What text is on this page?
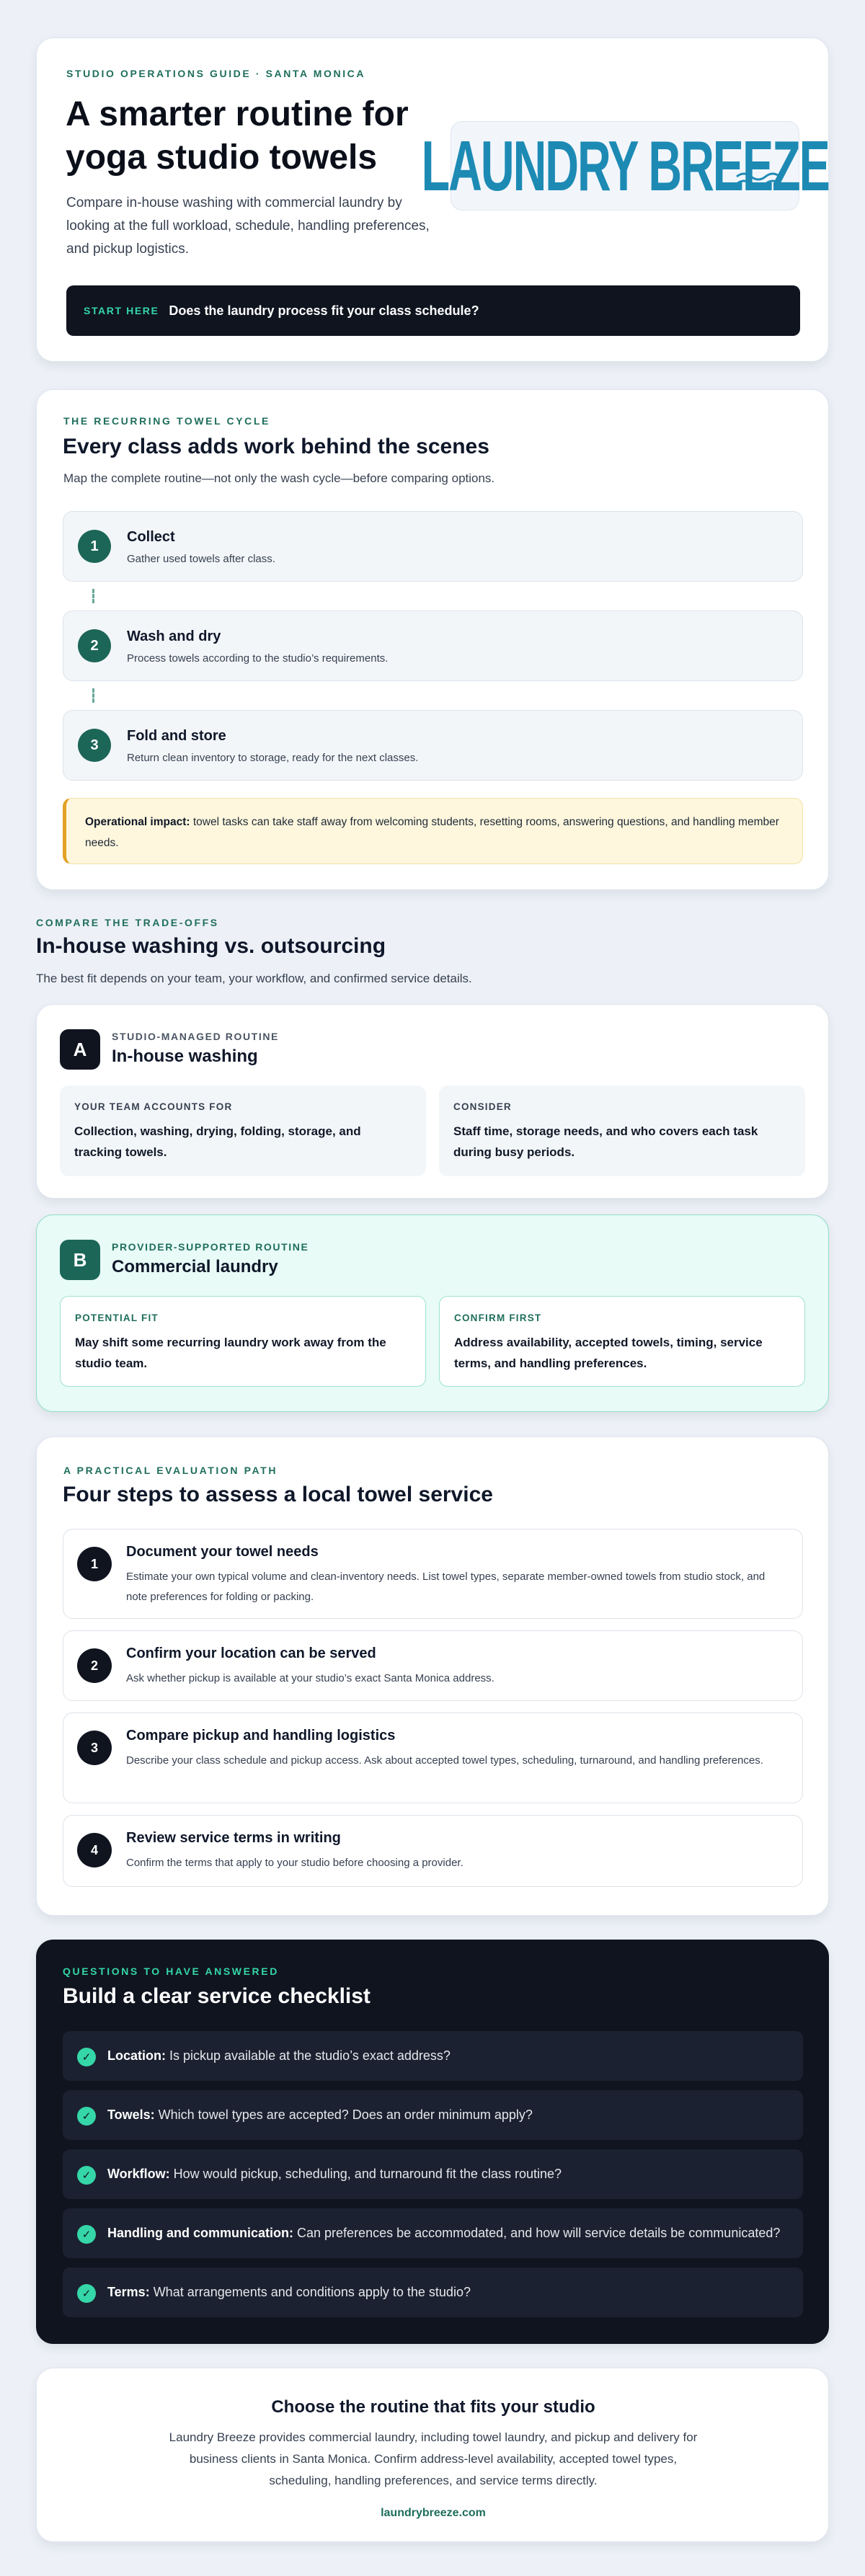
STUDIO OPERATIONS GUIDE · SANTA MONICA
A smarter routine for yoga studio towels

Compare in-house washing with commercial laundry by looking at the full workload, schedule, handling preferences, and pickup logistics.

LAUNDRY BREEZE
START HERE Does the laundry process fit your class schedule?
THE RECURRING TOWEL CYCLE
Every class adds work behind the scenes

Map the complete routine—not only the wash cycle—before comparing options.

1
Collect
Gather used towels after class.
2
Wash and dry
Process towels according to the studio’s requirements.
3
Fold and store
Return clean inventory to storage, ready for the next classes.
Operational impact: towel tasks can take staff away from welcoming students, resetting rooms, answering questions, and handling member needs.
COMPARE THE TRADE-OFFS
In-house washing vs. outsourcing

The best fit depends on your team, your workflow, and confirmed service details.

A
STUDIO-MANAGED ROUTINE
In-house washing
YOUR TEAM ACCOUNTS FOR
Collection, washing, drying, folding, storage, and tracking towels.
CONSIDER
Staff time, storage needs, and who covers each task during busy periods.
B
PROVIDER-SUPPORTED ROUTINE
Commercial laundry
POTENTIAL FIT
May shift some recurring laundry work away from the studio team.
CONFIRM FIRST
Address availability, accepted towels, timing, service terms, and handling preferences.
A PRACTICAL EVALUATION PATH
Four steps to assess a local towel service
1
Document your towel needs
Estimate your own typical volume and clean-inventory needs. List towel types, separate member-owned towels from studio stock, and note preferences for folding or packing.
2
Confirm your location can be served
Ask whether pickup is available at your studio’s exact Santa Monica address.
3
Compare pickup and handling logistics
Describe your class schedule and pickup access. Ask about accepted towel types, scheduling, turnaround, and handling preferences.
4
Review service terms in writing
Confirm the terms that apply to your studio before choosing a provider.
QUESTIONS TO HAVE ANSWERED
Build a clear service checklist
✓	Location: Is pickup available at the studio’s exact address?
✓	Towels: Which towel types are accepted? Does an order minimum apply?
✓	Workflow: How would pickup, scheduling, and turnaround fit the class routine?
✓	Handling and communication: Can preferences be accommodated, and how will service details be communicated?
✓	Terms: What arrangements and conditions apply to the studio?
Choose the routine that fits your studio

Laundry Breeze provides commercial laundry, including towel laundry, and pickup and delivery for business clients in Santa Monica. Confirm address-level availability, accepted towel types, scheduling, handling preferences, and service terms directly.

laundrybreeze.com
